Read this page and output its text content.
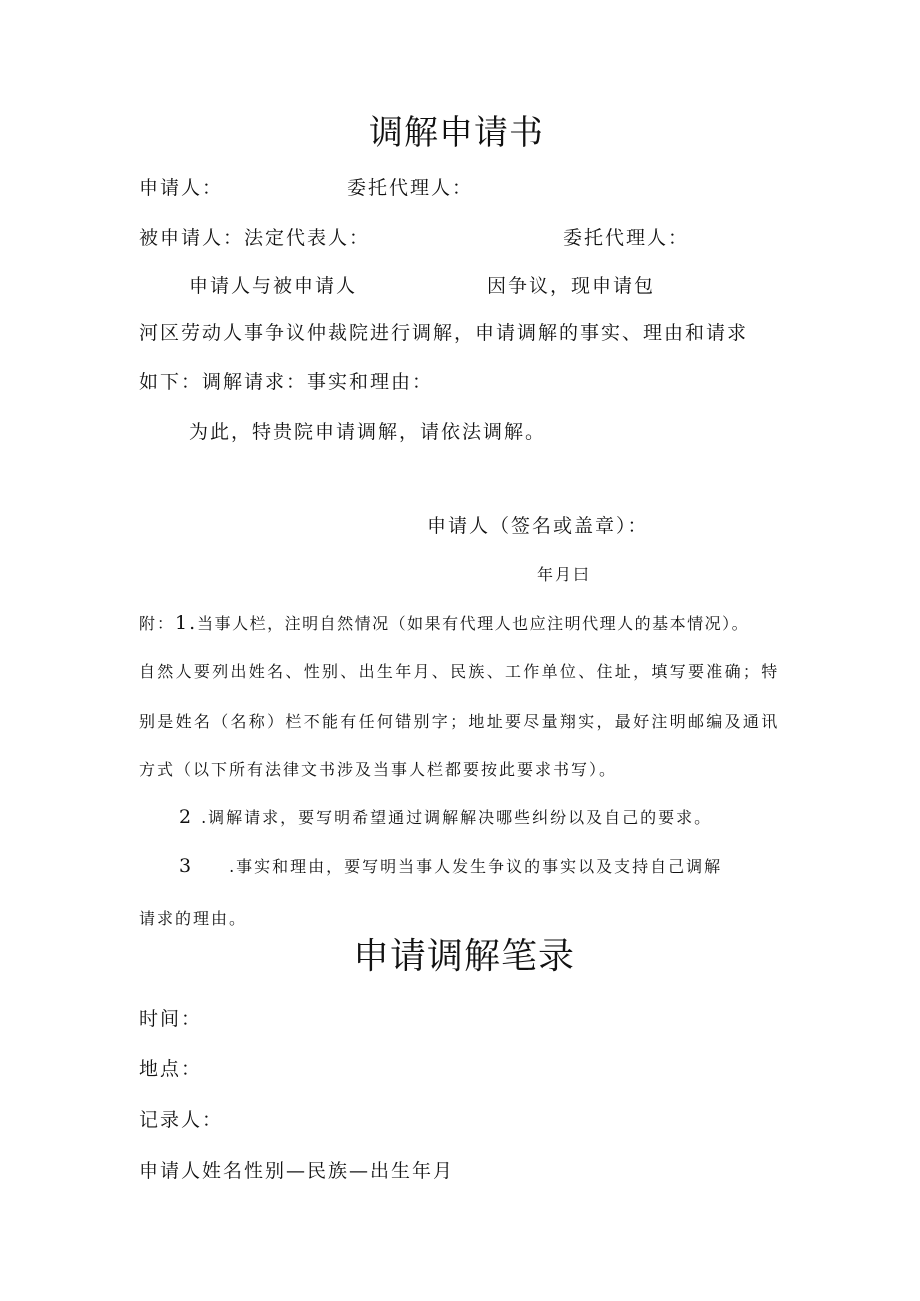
调解申请书
申请人：	委托代理人：
被申请人：法定代表人：	委托代理人：
申请人与被申请人	因争议，现申请包
河区劳动人事争议仲裁院进行调解，申请调解的事实、理由和请求
如下：调解请求：事实和理由：
为此，特贵院申请调解，请依法调解。
申请人（签名或盖章）：
年月曰
附：1.当事人栏，注明自然情况（如果有代理人也应注明代理人的基本情况）。
自然人要列出姓名、性别、出生年月、民族、工作单位、住址，填写要准确；特
别是姓名（名称）栏不能有任何错别字；地址要尽量翔实，最好注明邮编及通讯
方式（以下所有法律文书涉及当事人栏都要按此要求书写）。
2 .调解请求，要写明希望通过调解解决哪些纠纷以及自己的要求。
3 .事实和理由，要写明当事人发生争议的事实以及支持自己调解
请求的理由。
申请调解笔录
时间：
地点：
记录人：
申请人姓名性别—民族—出生年月
